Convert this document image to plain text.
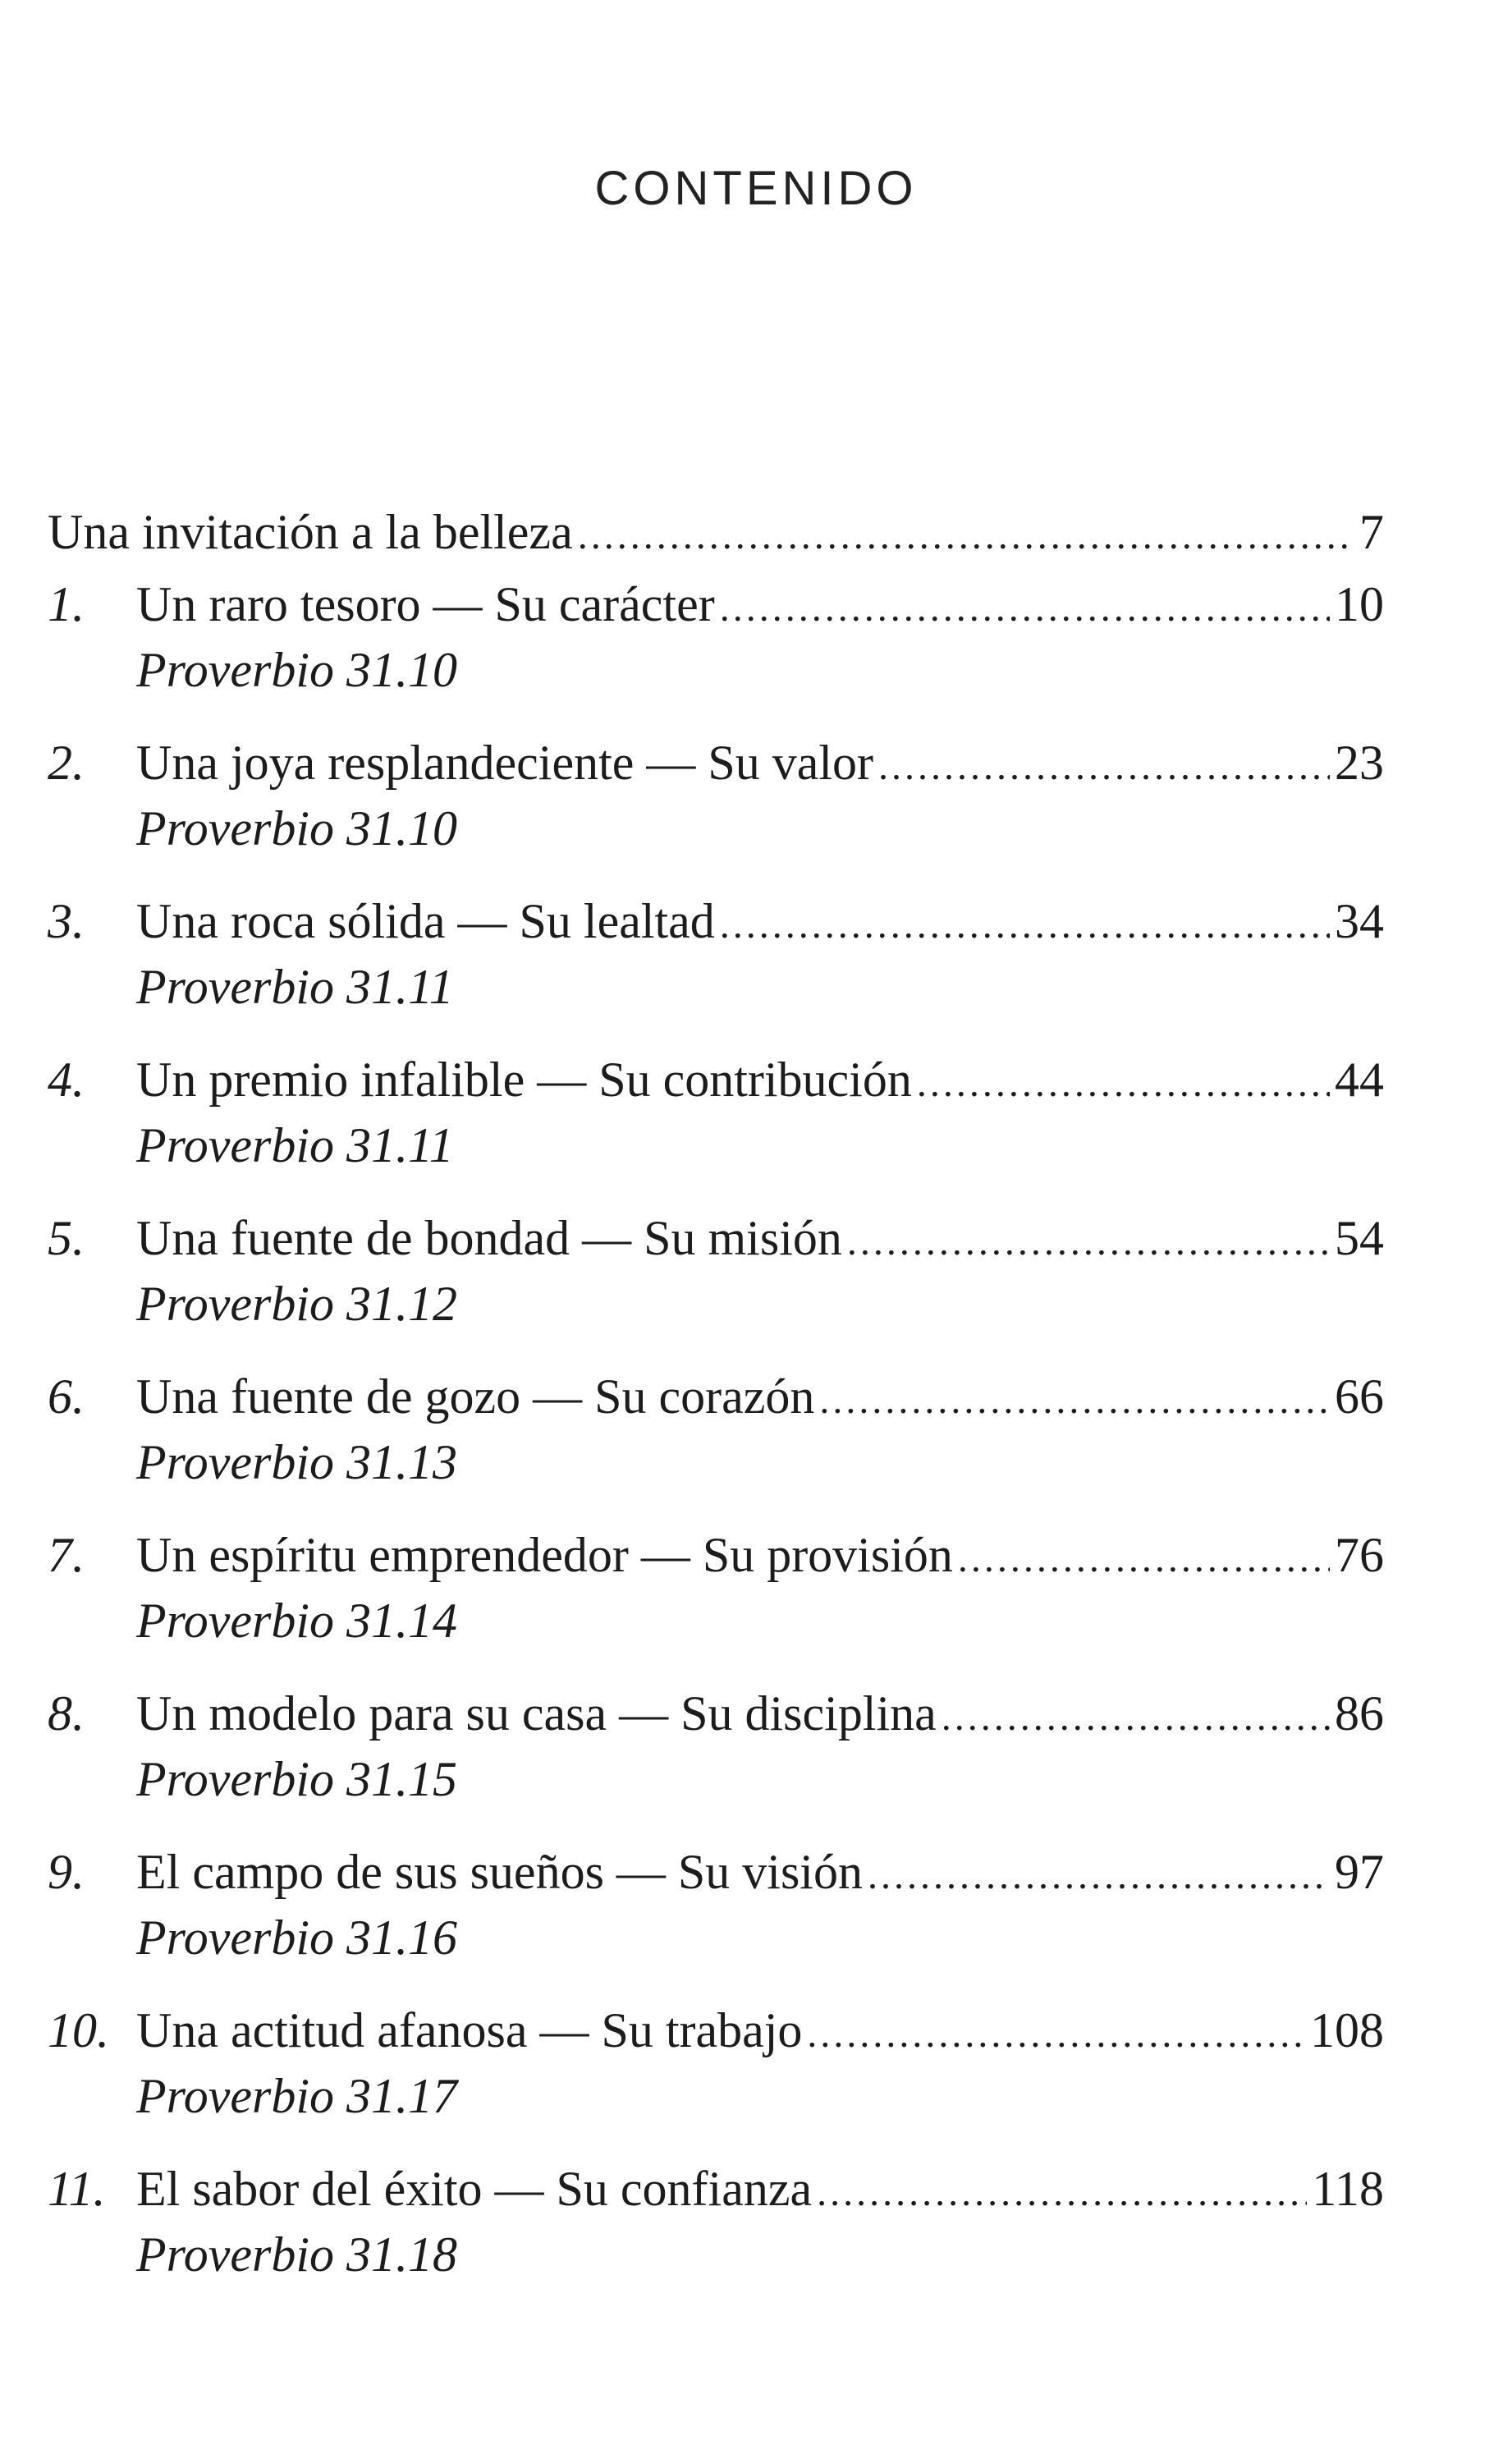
CONTENIDO
Una invitación a la belleza .....	7
1.	Un raro tesoro — Su carácter .....	10
Proverbio 31.10
2.	Una joya resplandeciente — Su valor .....	23
Proverbio 31.10
3.	Una roca sólida — Su lealtad .....	34
Proverbio 31.11
4.	Un premio infalible — Su contribución .....	44
Proverbio 31.11
5.	Una fuente de bondad — Su misión .....	54
Proverbio 31.12
6.	Una fuente de gozo — Su corazón .....	66
Proverbio 31.13
7.	Un espíritu emprendedor — Su provisión .....	76
Proverbio 31.14
8.	Un modelo para su casa — Su disciplina .....	86
Proverbio 31.15
9.	El campo de sus sueños — Su visión .....	97
Proverbio 31.16
10. Una actitud afanosa — Su trabajo .....	108
Proverbio 31.17
11. El sabor del éxito — Su confianza .....	118
Proverbio 31.18
